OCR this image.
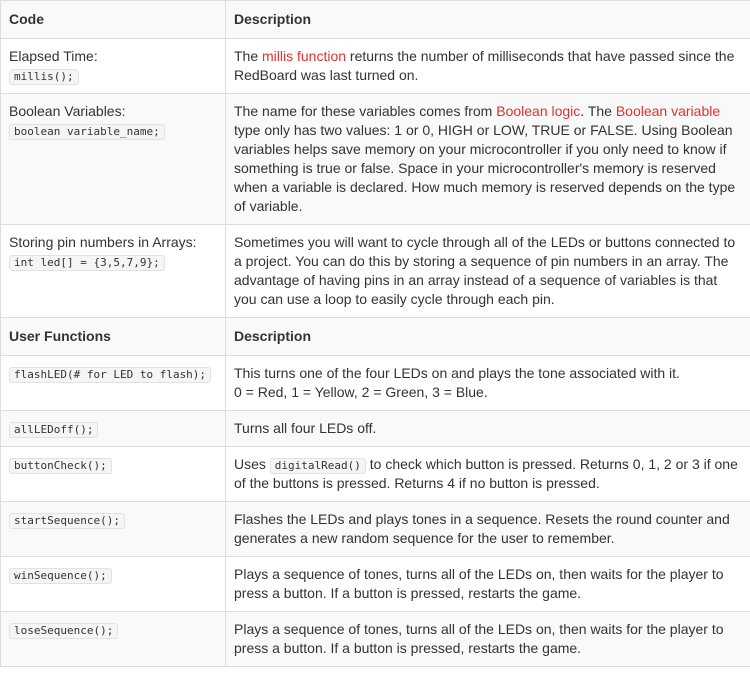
Code	Description

Elapsed Time:
millis();	The millis function returns the number of milliseconds that have passed since the RedBoard was last turned on.

Boolean Variables:
boolean variable_name;	The name for these variables comes from Boolean logic. The Boolean variable type only has two values: 1 or 0, HIGH or LOW, TRUE or FALSE. Using Boolean variables helps save memory on your microcontroller if you only need to know if something is true or false. Space in your microcontroller's memory is reserved when a variable is declared. How much memory is reserved depends on the type of variable.

Storing pin numbers in Arrays:
int led[] = {3,5,7,9};	Sometimes you will want to cycle through all of the LEDs or buttons connected to a project. You can do this by storing a sequence of pin numbers in an array. The advantage of having pins in an array instead of a sequence of variables is that you can use a loop to easily cycle through each pin.
User Functions	Description
flashLED(# for LED to flash);	This turns one of the four LEDs on and plays the tone associated with it.
0 = Red, 1 = Yellow, 2 = Green, 3 = Blue.

allLEDoff();	Turns all four LEDs off.
buttonCheck();	Uses digitalRead() to check which button is pressed. Returns 0, 1, 2 or 3 if one of the buttons is pressed. Returns 4 if no button is pressed.
startSequence();	Flashes the LEDs and plays tones in a sequence. Resets the round counter and generates a new random sequence for the user to remember.
winSequence();	Plays a sequence of tones, turns all of the LEDs on, then waits for the player to press a button. If a button is pressed, restarts the game.
loseSequence();	Plays a sequence of tones, turns all of the LEDs on, then waits for the player to press a button. If a button is pressed, restarts the game.
